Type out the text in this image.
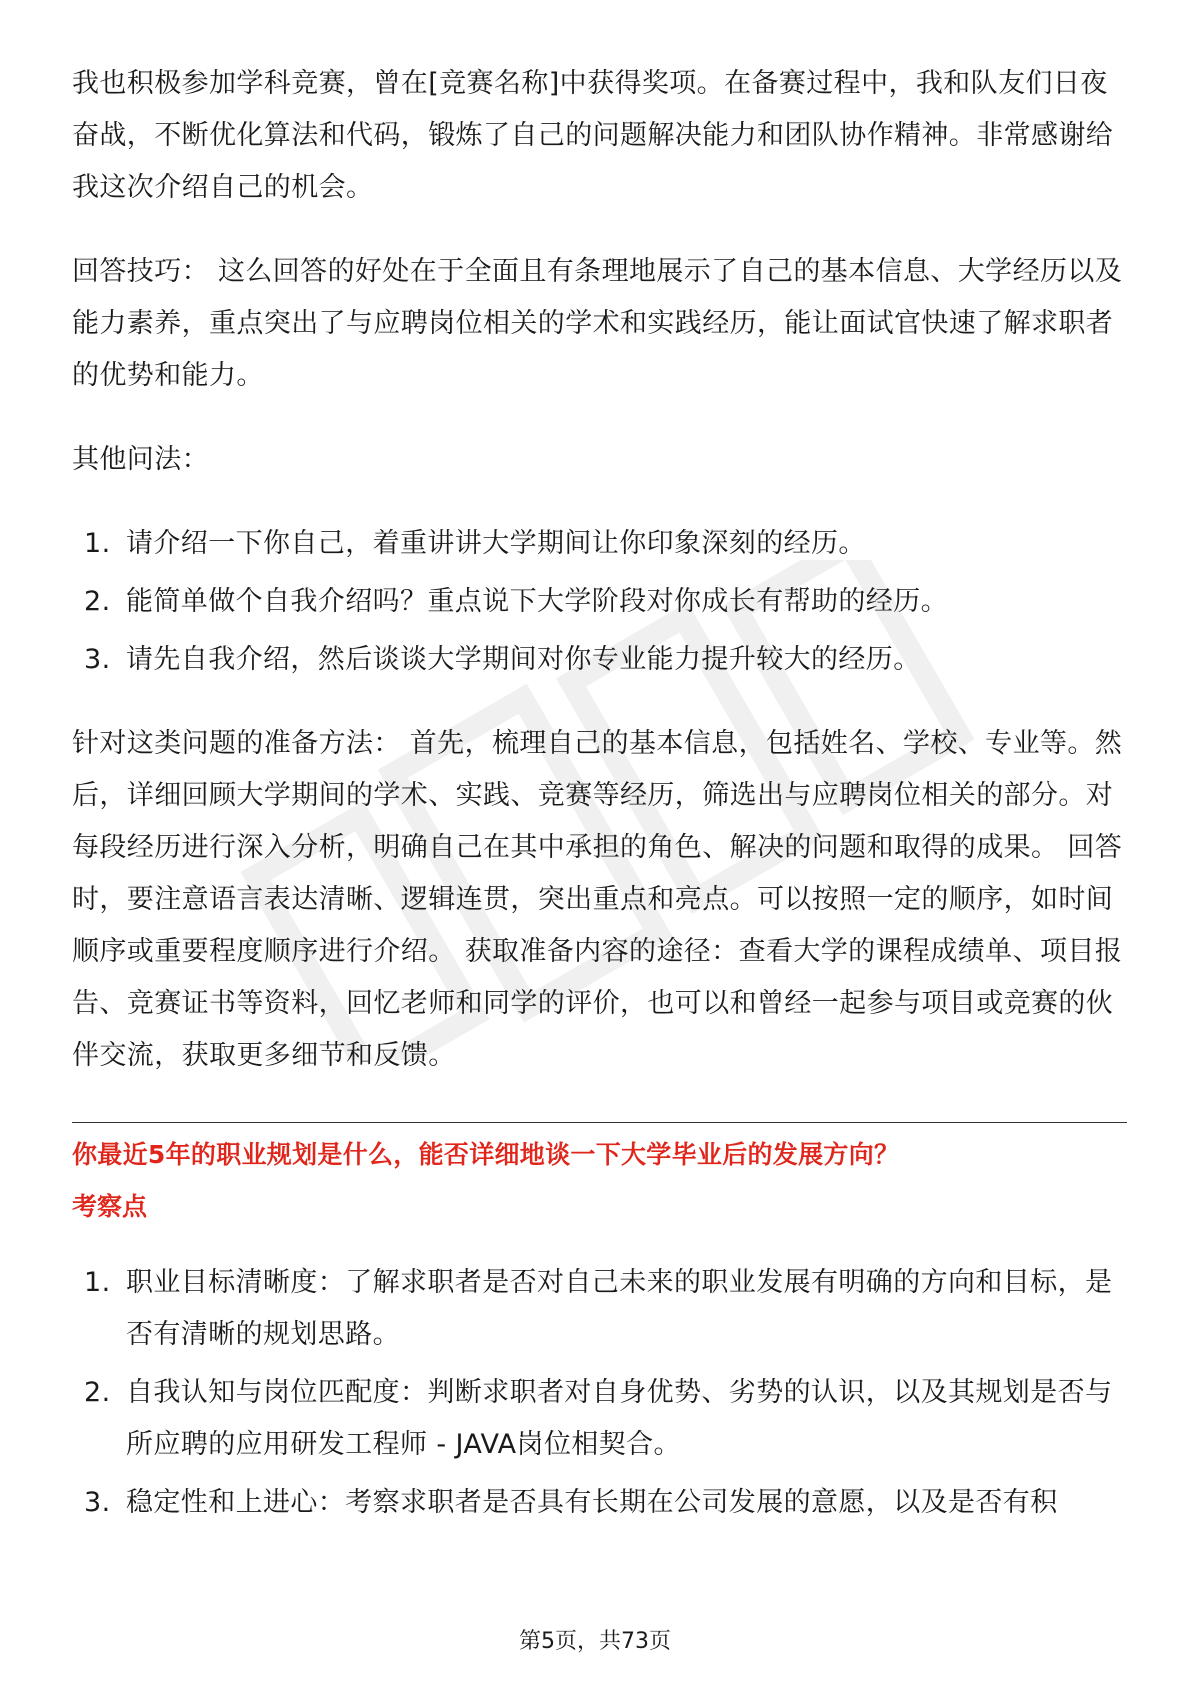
我也积极参加学科竞赛，曾在[竞赛名称]中获得奖项。在备赛过程中，我和队友们日夜奋战，不断优化算法和代码，锻炼了自己的问题解决能力和团队协作精神。非常感谢给我这次介绍自己的机会。

回答技巧： 这么回答的好处在于全面且有条理地展示了自己的基本信息、大学经历以及能力素养，重点突出了与应聘岗位相关的学术和实践经历，能让面试官快速了解求职者的优势和能力。

其他问法：

1. 请介绍一下你自己，着重讲讲大学期间让你印象深刻的经历。
2. 能简单做个自我介绍吗？重点说下大学阶段对你成长有帮助的经历。
3. 请先自我介绍，然后谈谈大学期间对你专业能力提升较大的经历。

针对这类问题的准备方法： 首先，梳理自己的基本信息，包括姓名、学校、专业等。然后，详细回顾大学期间的学术、实践、竞赛等经历，筛选出与应聘岗位相关的部分。对每段经历进行深入分析，明确自己在其中承担的角色、解决的问题和取得的成果。 回答时，要注意语言表达清晰、逻辑连贯，突出重点和亮点。可以按照一定的顺序，如时间顺序或重要程度顺序进行介绍。 获取准备内容的途径：查看大学的课程成绩单、项目报告、竞赛证书等资料，回忆老师和同学的评价，也可以和曾经一起参与项目或竞赛的伙伴交流，获取更多细节和反馈。

你最近5年的职业规划是什么，能否详细地谈一下大学毕业后的发展方向？

考察点

1. 职业目标清晰度：了解求职者是否对自己未来的职业发展有明确的方向和目标，是否有清晰的规划思路。
2. 自我认知与岗位匹配度：判断求职者对自身优势、劣势的认识，以及其规划是否与所应聘的应用研发工程师 - JAVA岗位相契合。
3. 稳定性和上进心：考察求职者是否具有长期在公司发展的意愿，以及是否有积
第5页，共73页
